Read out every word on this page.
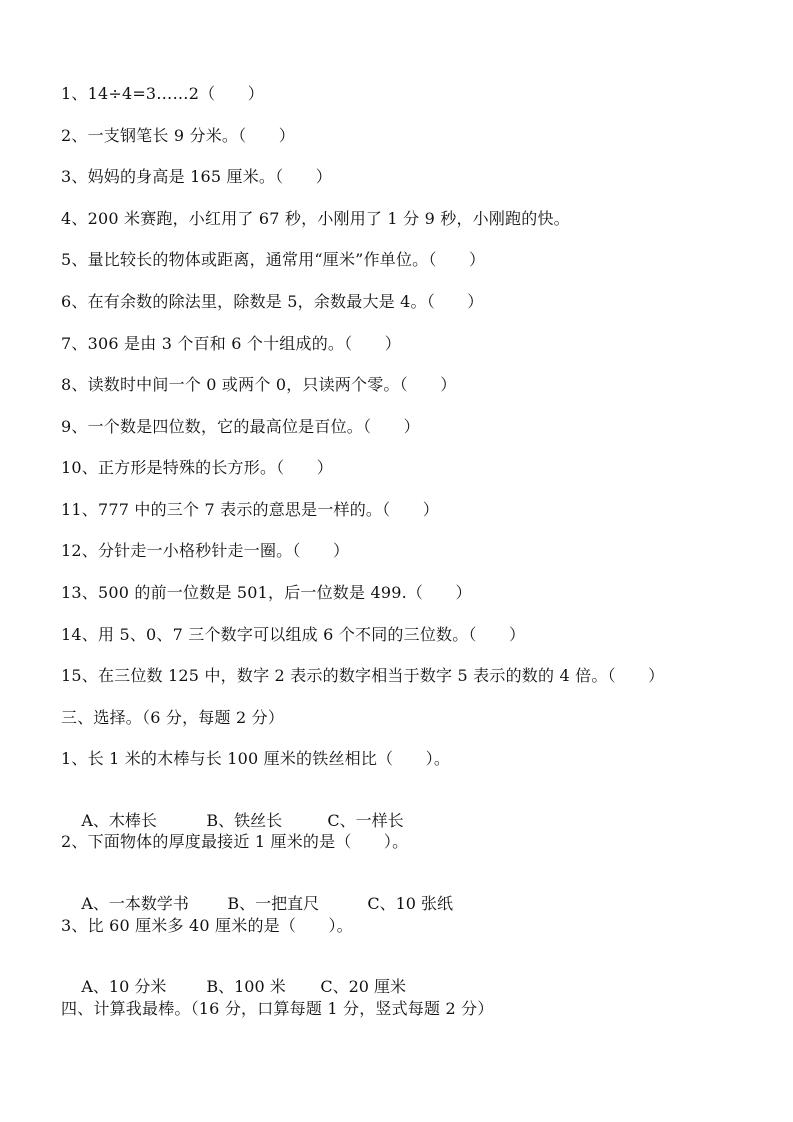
1、14÷4=3……2（　　）
2、一支钢笔长 9 分米。（　　）
3、妈妈的身高是 165 厘米。（　　）
4、200 米赛跑，小红用了 67 秒，小刚用了 1 分 9 秒，小刚跑的快。
5、量比较长的物体或距离，通常用“厘米”作单位。（　　）
6、在有余数的除法里，除数是 5，余数最大是 4。（　　）
7、306 是由 3 个百和 6 个十组成的。（　　）
8、读数时中间一个 0 或两个 0，只读两个零。（　　）
9、一个数是四位数，它的最高位是百位。（　　）
10、正方形是特殊的长方形。（　　）
11、777 中的三个 7 表示的意思是一样的。（　　）
12、分针走一小格秒针走一圈。（　　）
13、500 的前一位数是 501，后一位数是 499.（　　）
14、用 5、0、7 三个数字可以组成 6 个不同的三位数。（　　）
15、在三位数 125 中，数字 2 表示的数字相当于数字 5 表示的数的 4 倍。（　　）
三、选择。（6 分，每题 2 分）
1、长 1 米的木棒与长 100 厘米的铁丝相比（　　）。

A、木棒长	B、铁丝长	C、一样长

2、下面物体的厚度最接近 1 厘米的是（　　）。

A、一本数学书 B、一把直尺	C、10 张纸

3、比 60 厘米多 40 厘米的是（　　）。

A、10 分米 B、100 米 C、20 厘米

四、计算我最棒。（16 分，口算每题 1 分，竖式每题 2 分）
